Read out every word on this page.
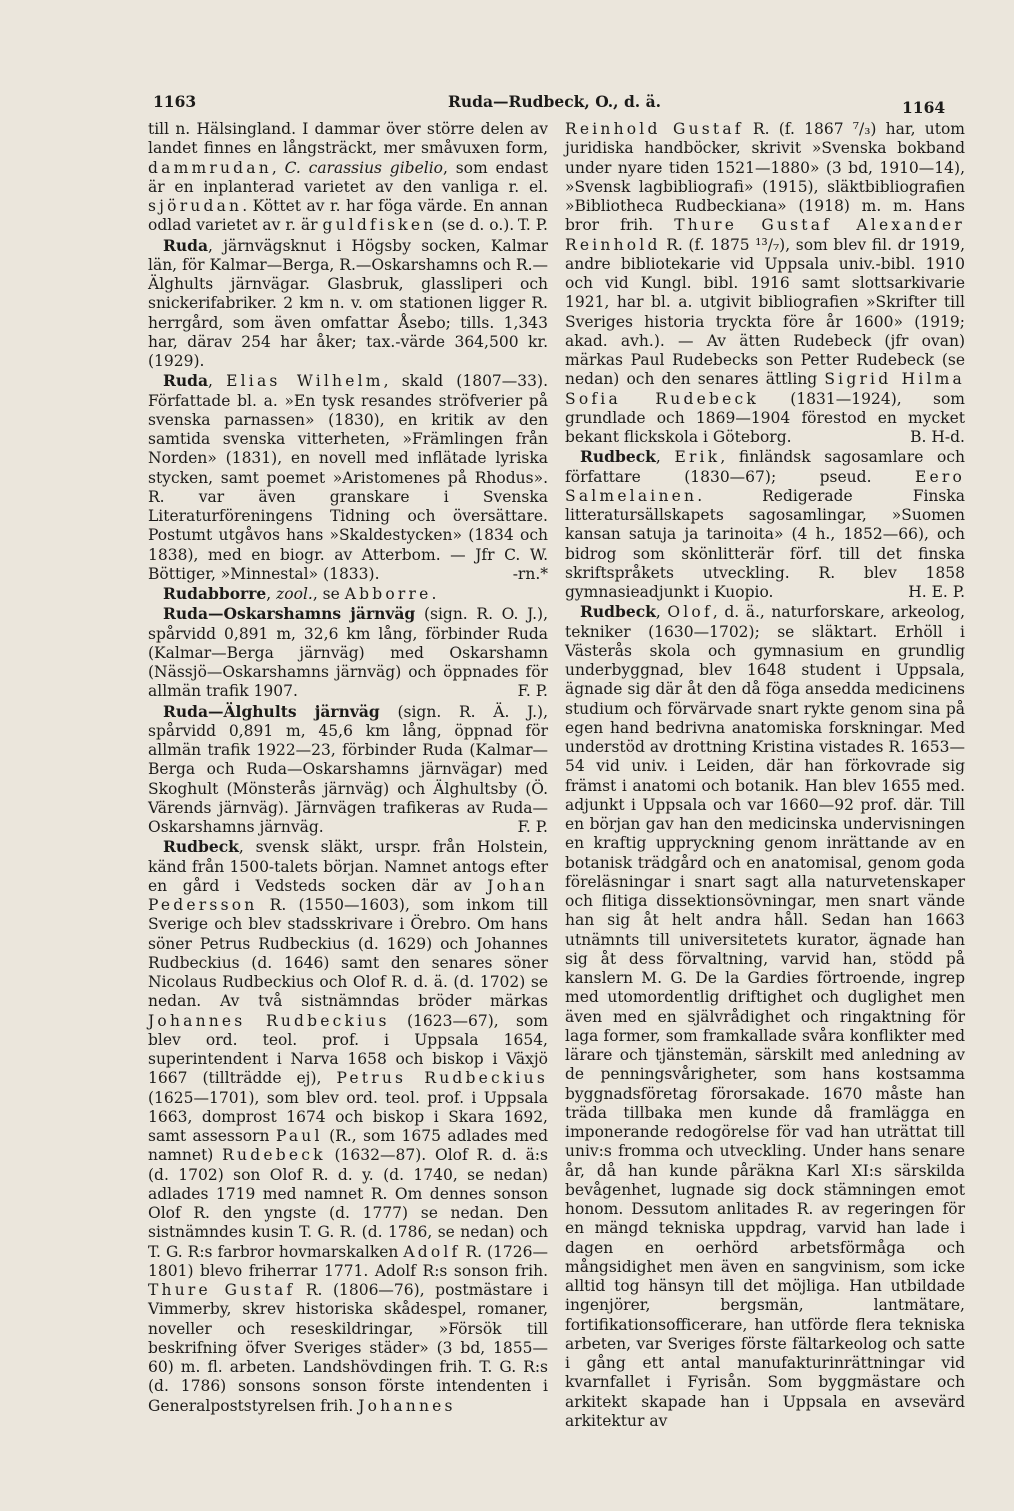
1163	Ruda—Rudbeck, O., d. ä.	1164

till n. Hälsingland. I dammar över större delen av landet finnes en långsträckt, mer småvuxen form, dammrudan, C. carassius gibelio, som endast är en inplanterad varietet av den vanliga r. el. sjörudan. Köttet av r. har föga värde. En annan odlad varietet av r. är guldfisken (se d. o.). T. P.

Ruda, järnvägsknut i Högsby socken, Kalmar län, för Kalmar—Berga, R.—Oskarshamns och R.—Älghults järnvägar. Glasbruk, glassliperi och snickerifabriker. 2 km n. v. om stationen ligger R. herrgård, som även omfattar Åsebo; tills. 1,343 har, därav 254 har åker; tax.-värde 364,500 kr. (1929).

Ruda, Elias Wilhelm, skald (1807—33). Författade bl. a. »En tysk resandes ströfverier på svenska parnassen» (1830), en kritik av den samtida svenska vitterheten, »Främlingen från Norden» (1831), en novell med inflätade lyriska stycken, samt poemet »Aristomenes på Rhodus». R. var även granskare i Svenska Literaturföreningens Tidning och översättare. Postumt utgåvos hans »Skaldestycken» (1834 och 1838), med en biogr. av Atterbom. — Jfr C. W. Böttiger, »Minnestal» (1833).	-rn.*

Rudabborre, zool., se Abborre.

Ruda—Oskarshamns järnväg (sign. R. O. J.), spårvidd 0,891 m, 32,6 km lång, förbinder Ruda (Kalmar—Berga järnväg) med Oskarshamn (Nässjö—Oskarshamns järnväg) och öppnades för allmän trafik 1907.	F. P.

Ruda—Älghults järnväg (sign. R. Ä. J.), spårvidd 0,891 m, 45,6 km lång, öppnad för allmän trafik 1922—23, förbinder Ruda (Kalmar—Berga och Ruda—Oskarshamns järnvägar) med Skoghult (Mönsterås järnväg) och Älghultsby (Ö. Värends järnväg). Järnvägen trafikeras av Ruda—Oskarshamns järnväg.	F. P.

Rudbeck, svensk släkt, urspr. från Holstein, känd från 1500-talets början. Namnet antogs efter en gård i Vedsteds socken där av Johan Pedersson R. (1550—1603), som inkom till Sverige och blev stadsskrivare i Örebro. Om hans söner Petrus Rudbeckius (d. 1629) och Johannes Rudbeckius (d. 1646) samt den senares söner Nicolaus Rudbeckius och Olof R. d. ä. (d. 1702) se nedan. Av två sistnämndas bröder märkas Johannes Rudbeckius (1623—67), som blev ord. teol. prof. i Uppsala 1654, superintendent i Narva 1658 och biskop i Växjö 1667 (tillträdde ej), Petrus Rudbeckius (1625—1701), som blev ord. teol. prof. i Uppsala 1663, domprost 1674 och biskop i Skara 1692, samt assessorn Paul (R., som 1675 adlades med namnet) Rudebeck (1632—87). Olof R. d. ä:s (d. 1702) son Olof R. d. y. (d. 1740, se nedan) adlades 1719 med namnet R. Om dennes sonson Olof R. den yngste (d. 1777) se nedan. Den sistnämndes kusin T. G. R. (d. 1786, se nedan) och T. G. R:s farbror hovmarskalken Adolf R. (1726—1801) blevo friherrar 1771. Adolf R:s sonson frih. Thure Gustaf R. (1806—76), postmästare i Vimmerby, skrev historiska skådespel, romaner, noveller och reseskildringar, »Försök till beskrifning öfver Sveriges städer» (3 bd, 1855—60) m. fl. arbeten. Landshövdingen frih. T. G. R:s (d. 1786) sonsons sonson förste intendenten i Generalpoststyrelsen frih. Johannes

Reinhold Gustaf R. (f. 1867 ⁷/₃) har, utom juridiska handböcker, skrivit »Svenska bokband under nyare tiden 1521—1880» (3 bd, 1910—14), »Svensk lagbibliografi» (1915), släktbibliografien »Bibliotheca Rudbeckiana» (1918) m. m. Hans bror frih. Thure Gustaf Alexander Reinhold R. (f. 1875 ¹³/₇), som blev fil. dr 1919, andre bibliotekarie vid Uppsala univ.-bibl. 1910 och vid Kungl. bibl. 1916 samt slottsarkivarie 1921, har bl. a. utgivit bibliografien »Skrifter till Sveriges historia tryckta före år 1600» (1919; akad. avh.). — Av ätten Rudebeck (jfr ovan) märkas Paul Rudebecks son Petter Rudebeck (se nedan) och den senares ättling Sigrid Hilma Sofia Rudebeck (1831—1924), som grundlade och 1869—1904 förestod en mycket bekant flickskola i Göteborg.	B. H-d.

Rudbeck, Erik, finländsk sagosamlare och författare (1830—67); pseud. Eero Salmelainen. Redigerade Finska litteratursällskapets sagosamlingar, »Suomen kansan satuja ja tarinoita» (4 h., 1852—66), och bidrog som skönlitterär förf. till det finska skriftspråkets utveckling. R. blev 1858 gymnasieadjunkt i Kuopio.	H. E. P.

Rudbeck, Olof, d. ä., naturforskare, arkeolog, tekniker (1630—1702); se släktart. Erhöll i Västerås skola och gymnasium en grundlig underbyggnad, blev 1648 student i Uppsala, ägnade sig där åt den då föga ansedda medicinens studium och förvärvade snart rykte genom sina på egen hand bedrivna anatomiska forskningar. Med understöd av drottning Kristina vistades R. 1653—54 vid univ. i Leiden, där han förkovrade sig främst i anatomi och botanik. Han blev 1655 med. adjunkt i Uppsala och var 1660—92 prof. där. Till en början gav han den medicinska undervisningen en kraftig uppryckning genom inrättande av en botanisk trädgård och en anatomisal, genom goda föreläsningar i snart sagt alla naturvetenskaper och flitiga dissektionsövningar, men snart vände han sig åt helt andra håll. Sedan han 1663 utnämnts till universitetets kurator, ägnade han sig åt dess förvaltning, varvid han, stödd på kanslern M. G. De la Gardies förtroende, ingrep med utomordentlig driftighet och duglighet men även med en självrådighet och ringaktning för laga former, som framkallade svåra konflikter med lärare och tjänstemän, särskilt med anledning av de penningsvårigheter, som hans kostsamma byggnadsföretag förorsakade. 1670 måste han träda tillbaka men kunde då framlägga en imponerande redogörelse för vad han uträttat till univ:s fromma och utveckling. Under hans senare år, då han kunde påräkna Karl XI:s särskilda bevågenhet, lugnade sig dock stämningen emot honom. Dessutom anlitades R. av regeringen för en mängd tekniska uppdrag, varvid han lade i dagen en oerhörd arbetsförmåga och mångsidighet men även en sangvinism, som icke alltid tog hänsyn till det möjliga. Han utbildade ingenjörer, bergsmän, lantmätare, fortifikationsofficerare, han utförde flera tekniska arbeten, var Sveriges förste fältarkeolog och satte i gång ett antal manufakturinrättningar vid kvarnfallet i Fyrisån. Som byggmästare och arkitekt skapade han i Uppsala en avsevärd arkitektur av
